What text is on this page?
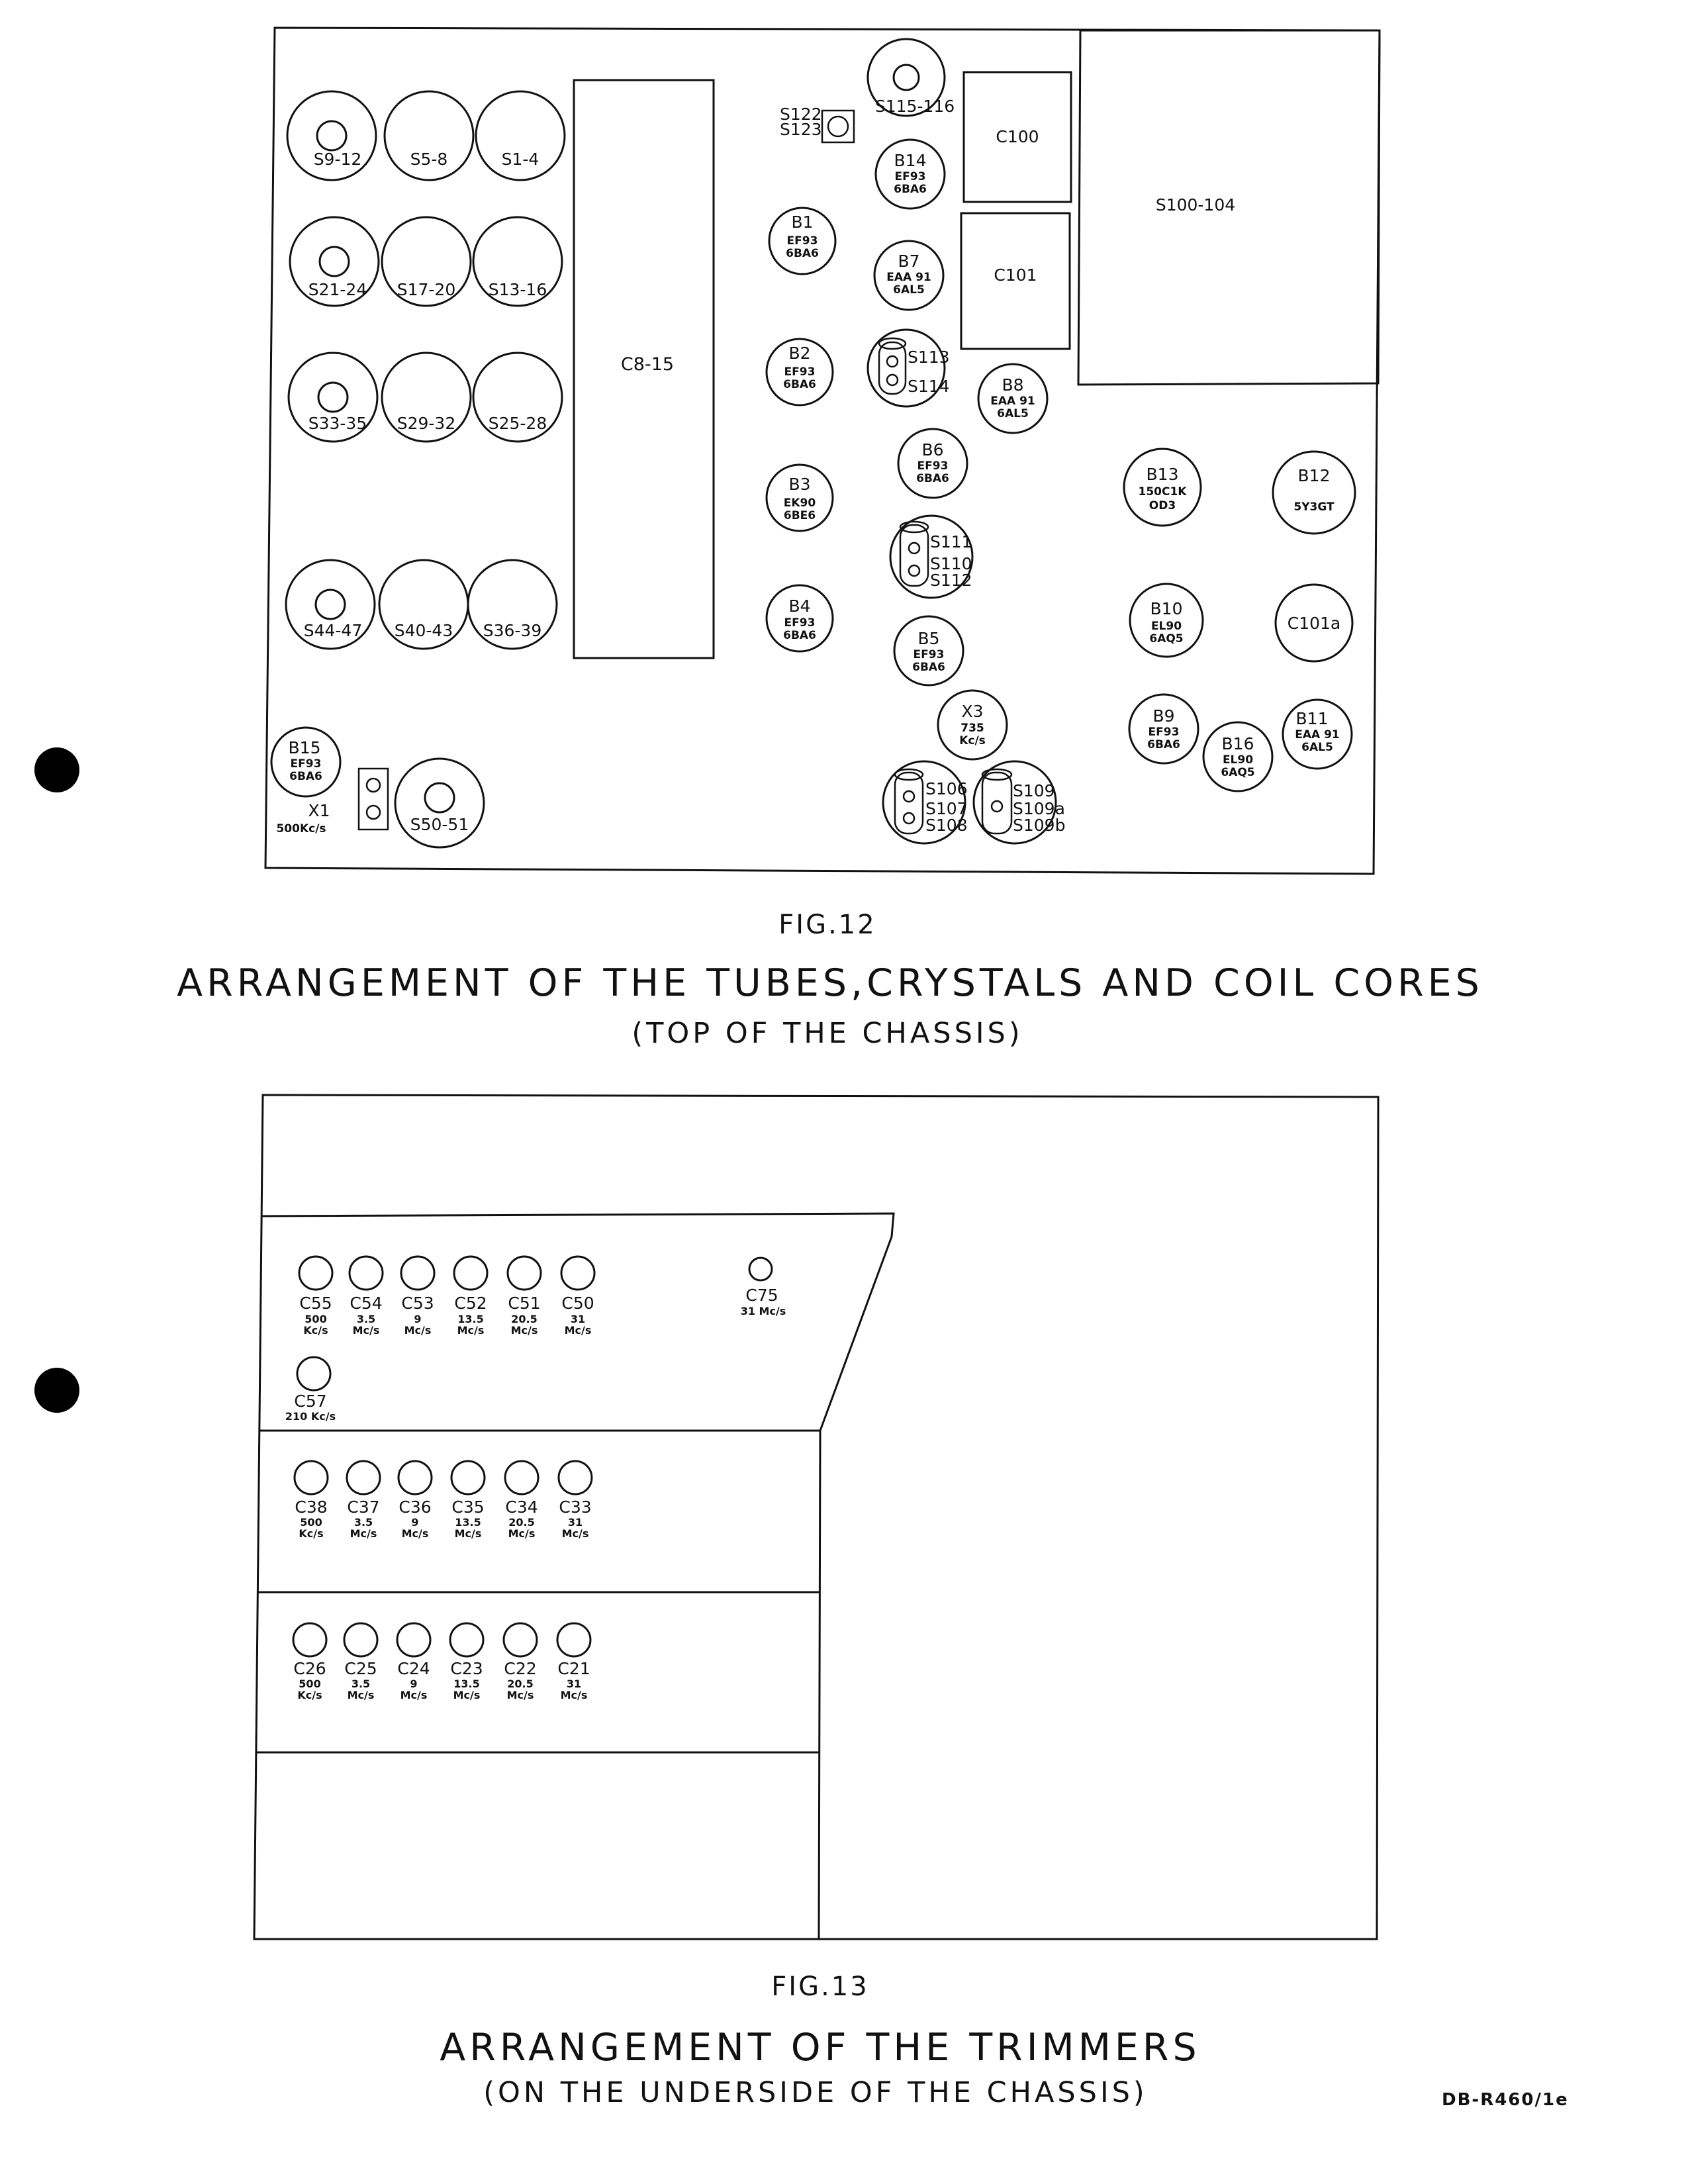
S100-104
C8-15
C100
C101
S9-12	S5-8	S1-4
S21-24 S17-20 S13-16
S33-35 S29-32 S25-28
S44-47 S40-43 S36-39
S50-51
S115-116
S122
S123
B1
EF93
6BA6
B2
EF93
6BA6
B3
EK90
6BE6
B4
EF93
6BA6
B14
EF93
6BA6
B7
EAA 91
6AL5
B8
EAA 91
6AL5
B6
EF93
6BA6
B5
EF93
6BA6
B13
150C1K
OD3
B12
5Y3GT
B10
EL90
6AQ5
B9
EF93
6BA6	B16
EL90
6AQ5
B11
EAA 91
6AL5
B15
EF93
6BA6
C101a
X3
735
Kc/s
X1
500Kc/s
S113
S114
S111
S110
S112
S106
S107
S108
S109
S109a
S109b
FIG.12
ARRANGEMENT OF THE TUBES,CRYSTALS AND COIL CORES
(TOP OF THE CHASSIS)
C55
500
Kc/s
C54
3.5
Mc/s
C53
9
Mc/s
C52
13.5
Mc/s
C51
20.5
Mc/s
C50
31
Mc/s
C75
31 Mc/s
C57
210 Kc/s
C38
500
Kc/s
C37
3.5
Mc/s
C36
9
Mc/s
C35
13.5
Mc/s
C34
20.5
Mc/s
C33
31
Mc/s
C26
500
Kc/s
C25
3.5
Mc/s
C24
9
Mc/s
C23
13.5
Mc/s
C22
20.5
Mc/s
C21
31
Mc/s
FIG.13
ARRANGEMENT OF THE TRIMMERS
(ON THE UNDERSIDE OF THE CHASSIS)	DB-R460/1e
